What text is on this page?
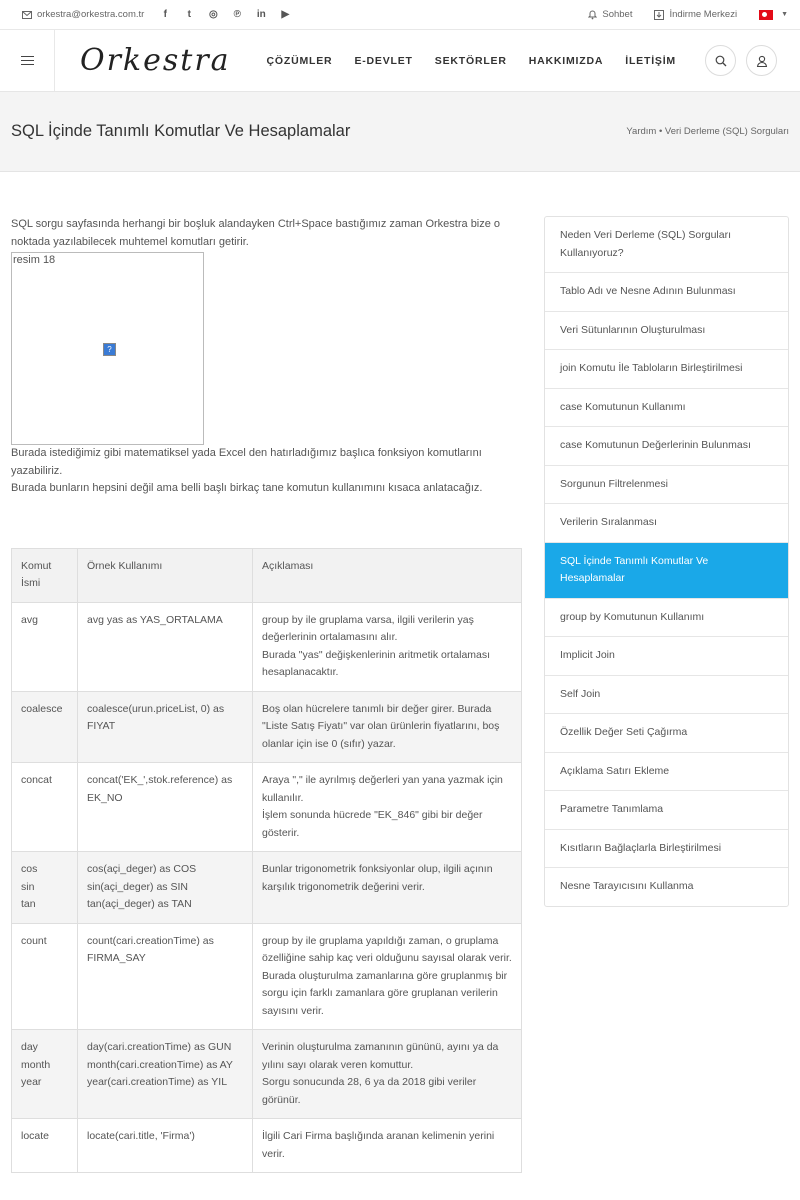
orkestra@orkestra.com.tr	f	t	◎ ℗ in ▶	Sohbet	İndirme Merkezi	▼
Orkestra	ÇÖZÜMLER E-DEVLET SEKTÖRLER HAKKIMIZDA İLETİŞİM
SQL İçinde Tanımlı Komutlar Ve Hesaplamalar	Yardım • Veri Derleme (SQL) Sorguları

SQL sorgu sayfasında herhangi bir boşluk alandayken Ctrl+Space bastığımız zaman Orkestra bize o noktada yazılabilecek muhtemel komutları getirir.

resim 18
?

Burada istediğimiz gibi matematiksel yada Excel den hatırladığımız başlıca fonksiyon komutlarını yazabiliriz.

Burada bunların hepsini değil ama belli başlı birkaç tane komutun kullanımını kısaca anlatacağız.

Komut İsmi	Örnek Kullanımı	Açıklaması
avg	avg yas as YAS_ORTALAMA	group by ile gruplama varsa, ilgili verilerin yaş değerlerinin ortalamasını alır.
Burada "yas" değişkenlerinin aritmetik ortalaması hesaplanacaktır.
coalesce	coalesce(urun.priceList, 0) as FIYAT	Boş olan hücrelere tanımlı bir değer girer. Burada "Liste Satış Fiyatı" var olan ürünlerin fiyatlarını, boş olanlar için ise 0 (sıfır) yazar.
concat	concat('EK_',stok.reference) as EK_NO	Araya "," ile ayrılmış değerleri yan yana yazmak için kullanılır.
İşlem sonunda hücrede "EK_846" gibi bir değer gösterir.
cos
sin
tan	cos(açi_deger) as COS
sin(açi_deger) as SIN
tan(açi_deger) as TAN	Bunlar trigonometrik fonksiyonlar olup, ilgili açının karşılık trigonometrik değerini verir.
count	count(cari.creationTime) as FIRMA_SAY	group by ile gruplama yapıldığı zaman, o gruplama özelliğine sahip kaç veri olduğunu sayısal olarak verir.
Burada oluşturulma zamanlarına göre gruplanmış bir sorgu için farklı zamanlara göre gruplanan verilerin sayısını verir.
day
month
year	day(cari.creationTime) as GUN
month(cari.creationTime) as AY
year(cari.creationTime) as YIL	Verinin oluşturulma zamanının gününü, ayını ya da yılını sayı olarak veren komuttur.
Sorgu sonucunda 28, 6 ya da 2018 gibi veriler görünür.
locate	locate(cari.title, 'Firma')	İlgili Cari Firma başlığında aranan kelimenin yerini verir.
Neden Veri Derleme (SQL) Sorguları Kullanıyoruz?
Tablo Adı ve Nesne Adının Bulunması
Veri Sütunlarının Oluşturulması
join Komutu İle Tabloların Birleştirilmesi
case Komutunun Kullanımı
case Komutunun Değerlerinin Bulunması
Sorgunun Filtrelenmesi
Verilerin Sıralanması
SQL İçinde Tanımlı Komutlar Ve Hesaplamalar
group by Komutunun Kullanımı
Implicit Join
Self Join
Özellik Değer Seti Çağırma
Açıklama Satırı Ekleme
Parametre Tanımlama
Kısıtların Bağlaçlarla Birleştirilmesi
Nesne Tarayıcısını Kullanma
